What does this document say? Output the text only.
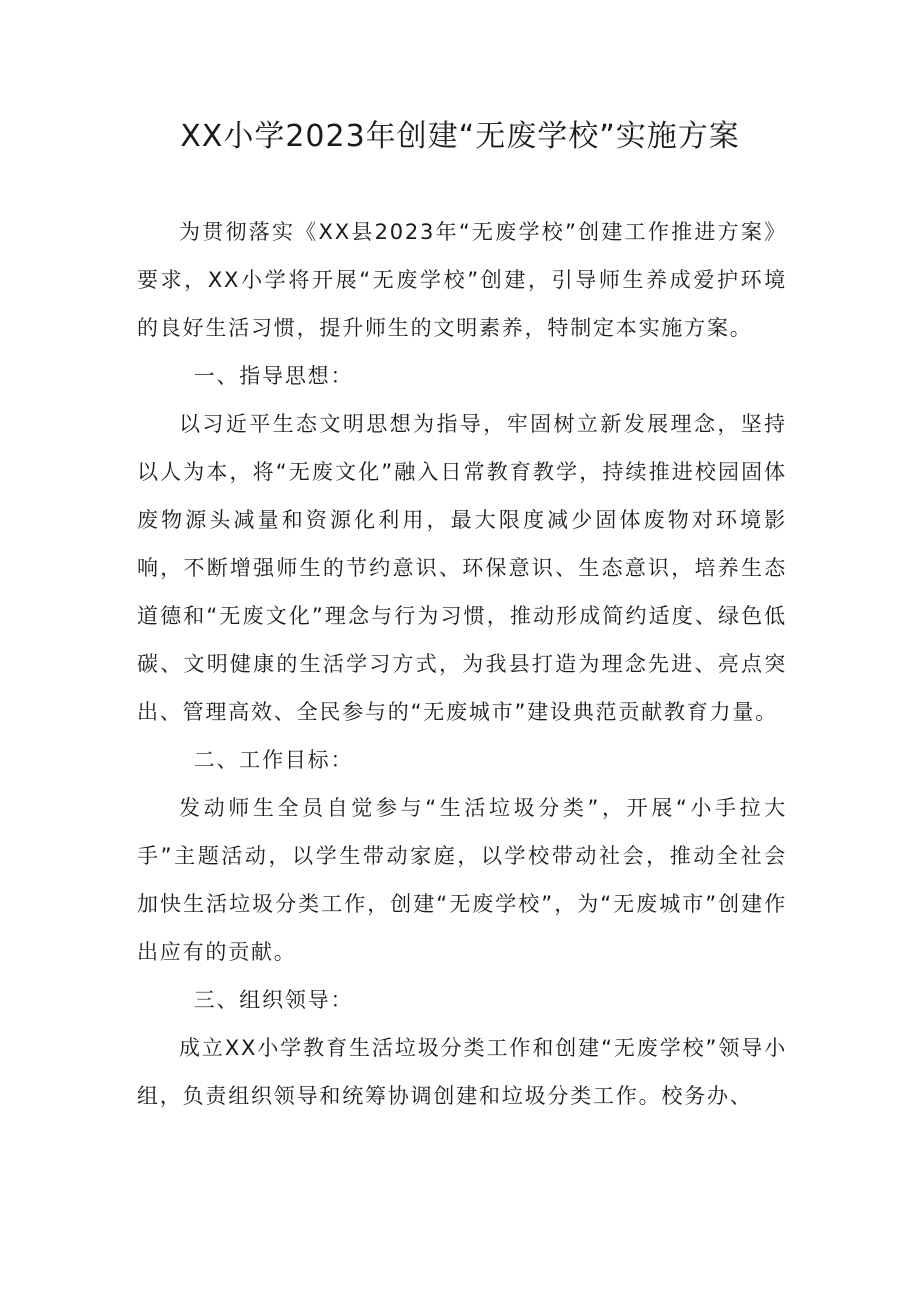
XX小学2023年创建“无废学校”实施方案

为贯彻落实《XX县2023年“无废学校”创建工作推进方案》要求，XX小学将开展“无废学校”创建，引导师生养成爱护环境的良好生活习惯，提升师生的文明素养，特制定本实施方案。

一、指导思想：

以习近平生态文明思想为指导，牢固树立新发展理念，坚持以人为本，将“无废文化”融入日常教育教学，持续推进校园固体废物源头减量和资源化利用，最大限度减少固体废物对环境影响，不断增强师生的节约意识、环保意识、生态意识，培养生态道德和“无废文化”理念与行为习惯，推动形成简约适度、绿色低碳、文明健康的生活学习方式，为我县打造为理念先进、亮点突出、管理高效、全民参与的“无废城市”建设典范贡献教育力量。

二、工作目标：

发动师生全员自觉参与“生活垃圾分类”，开展“小手拉大手”主题活动，以学生带动家庭，以学校带动社会，推动全社会加快生活垃圾分类工作，创建“无废学校”，为“无废城市”创建作出应有的贡献。

三、组织领导：

成立XX小学教育生活垃圾分类工作和创建“无废学校”领导小组，负责组织领导和统筹协调创建和垃圾分类工作。校务办、
